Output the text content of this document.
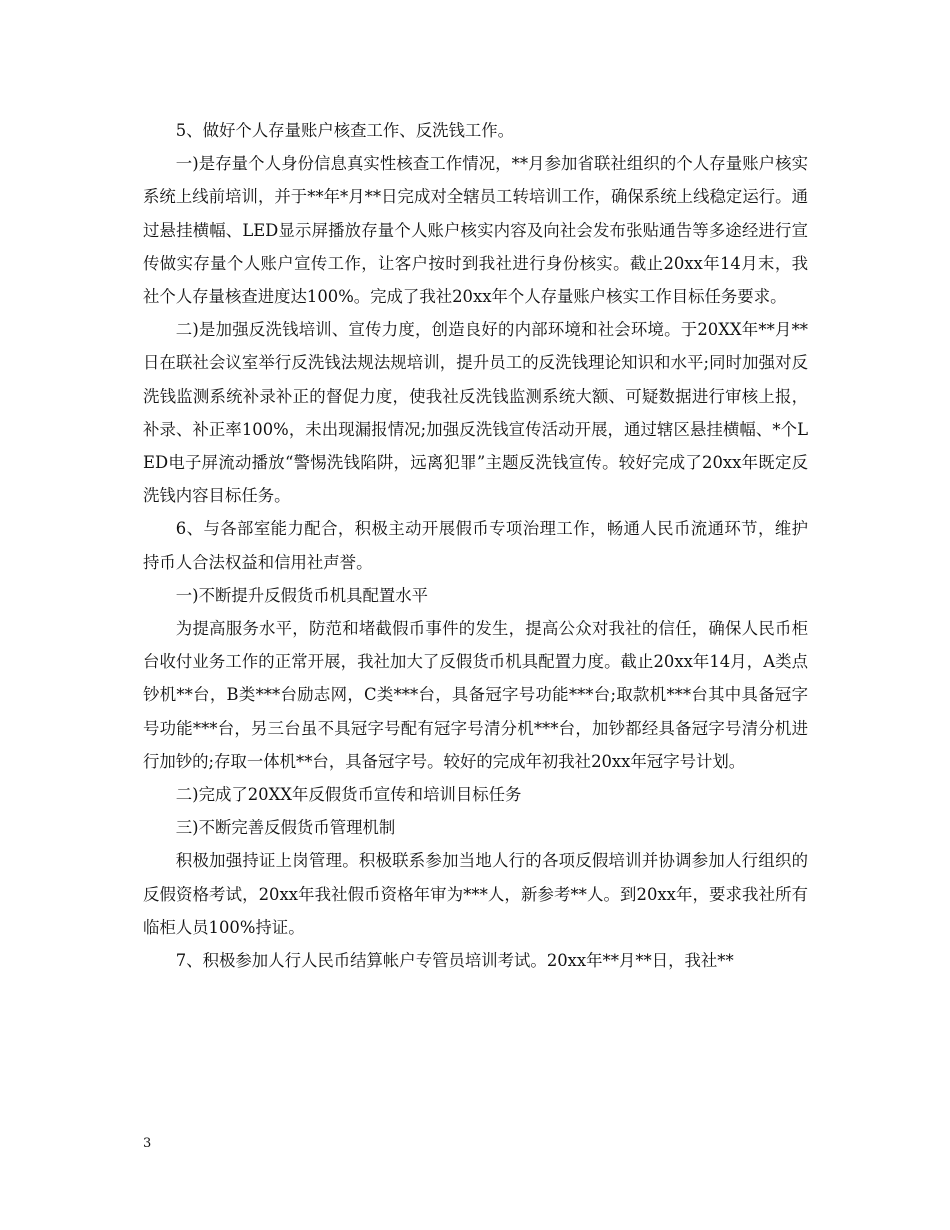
5、做好个人存量账户核查工作、反洗钱工作。

一)是存量个人身份信息真实性核查工作情况，**月参加省联社组织的个人存量账户核实系统上线前培训，并于**年*月**日完成对全辖员工转培训工作，确保系统上线稳定运行。通过悬挂横幅、LED显示屏播放存量个人账户核实内容及向社会发布张贴通告等多途经进行宣传做实存量个人账户宣传工作，让客户按时到我社进行身份核实。截止20xx年14月末，我社个人存量核查进度达100%。完成了我社20xx年个人存量账户核实工作目标任务要求。

二)是加强反洗钱培训、宣传力度，创造良好的内部环境和社会环境。于20XX年**月**日在联社会议室举行反洗钱法规法规培训，提升员工的反洗钱理论知识和水平;同时加强对反洗钱监测系统补录补正的督促力度，使我社反洗钱监测系统大额、可疑数据进行审核上报，补录、补正率100%，未出现漏报情况;加强反洗钱宣传活动开展，通过辖区悬挂横幅、*个LED电子屏流动播放“警惕洗钱陷阱，远离犯罪”主题反洗钱宣传。较好完成了20xx年既定反洗钱内容目标任务。

6、与各部室能力配合，积极主动开展假币专项治理工作，畅通人民币流通环节，维护持币人合法权益和信用社声誉。

一)不断提升反假货币机具配置水平

为提高服务水平，防范和堵截假币事件的发生，提高公众对我社的信任，确保人民币柜台收付业务工作的正常开展，我社加大了反假货币机具配置力度。截止20xx年14月，A类点钞机**台，B类***台励志网，C类***台，具备冠字号功能***台;取款机***台其中具备冠字号功能***台，另三台虽不具冠字号配有冠字号清分机***台，加钞都经具备冠字号清分机进行加钞的;存取一体机**台，具备冠字号。较好的完成年初我社20xx年冠字号计划。

二)完成了20XX年反假货币宣传和培训目标任务

三)不断完善反假货币管理机制

积极加强持证上岗管理。积极联系参加当地人行的各项反假培训并协调参加人行组织的反假资格考试，20xx年我社假币资格年审为***人，新参考**人。到20xx年，要求我社所有临柜人员100%持证。

7、积极参加人行人民币结算帐户专管员培训考试。20xx年**月**日，我社**

3
